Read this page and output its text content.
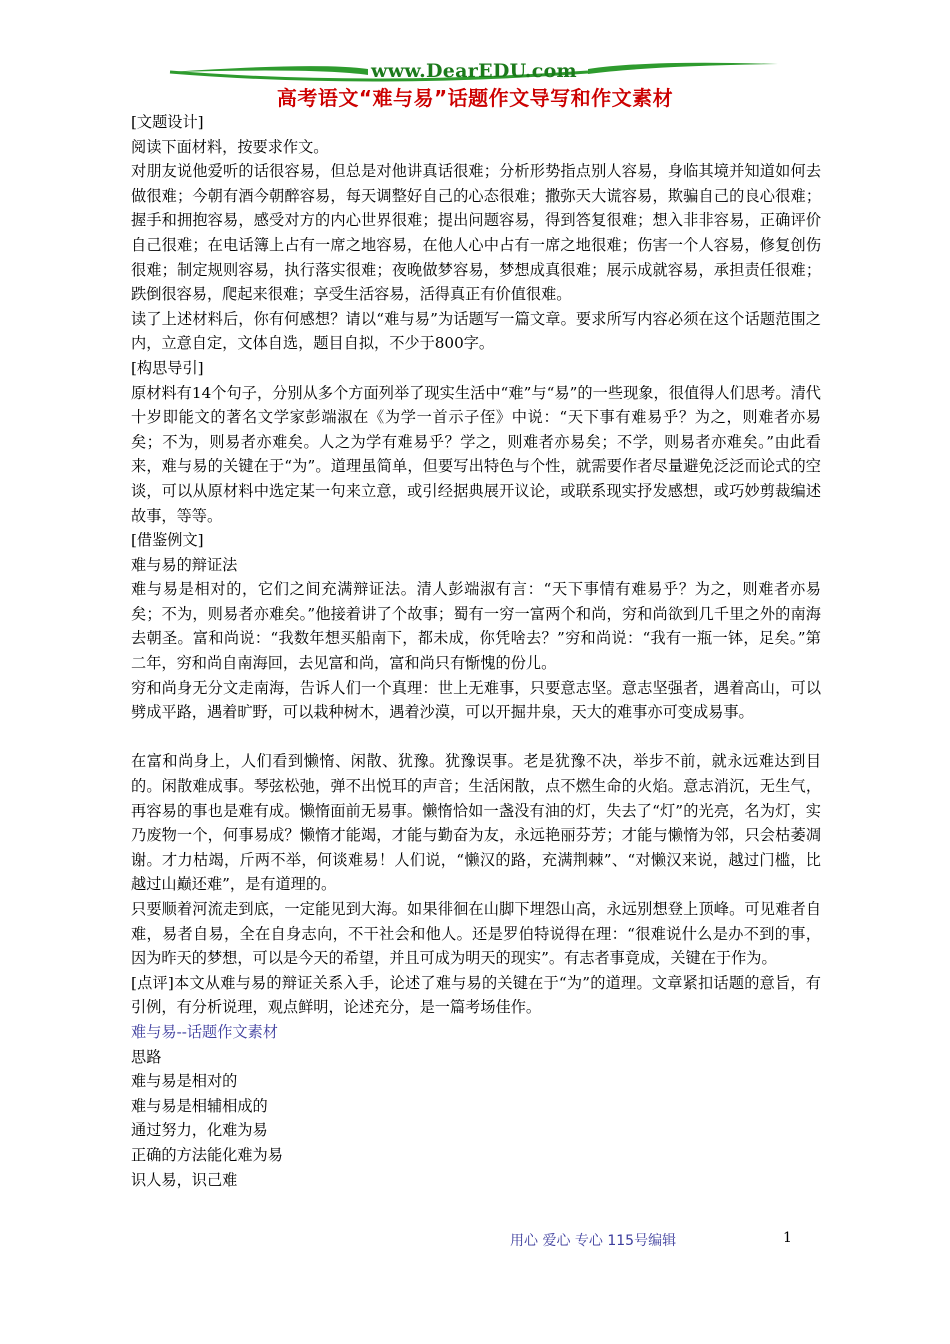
www.DearEDU.com
高考语文“难与易”话题作文导写和作文素材

[文题设计]

阅读下面材料，按要求作文。

对朋友说他爱听的话很容易，但总是对他讲真话很难；分析形势指点别人容易，身临其境并知道如何去做很难；今朝有酒今朝醉容易，每天调整好自己的心态很难；撒弥天大谎容易，欺骗自己的良心很难；握手和拥抱容易，感受对方的内心世界很难；提出问题容易，得到答复很难；想入非非容易，正确评价自己很难；在电话簿上占有一席之地容易，在他人心中占有一席之地很难；伤害一个人容易，修复创伤很难；制定规则容易，执行落实很难；夜晚做梦容易，梦想成真很难；展示成就容易，承担责任很难；跌倒很容易，爬起来很难；享受生活容易，活得真正有价值很难。

读了上述材料后，你有何感想？请以“难与易”为话题写一篇文章。要求所写内容必须在这个话题范围之内，立意自定，文体自选，题目自拟，不少于800字。

[构思导引]

原材料有14个句子，分别从多个方面列举了现实生活中“难”与“易”的一些现象，很值得人们思考。清代十岁即能文的著名文学家彭端淑在《为学一首示子侄》中说：“天下事有难易乎？为之，则难者亦易矣；不为，则易者亦难矣。人之为学有难易乎？学之，则难者亦易矣；不学，则易者亦难矣。”由此看来，难与易的关键在于“为”。道理虽简单，但要写出特色与个性，就需要作者尽量避免泛泛而论式的空谈，可以从原材料中选定某一句来立意，或引经据典展开议论，或联系现实抒发感想，或巧妙剪裁编述故事，等等。

[借鉴例文]

难与易的辩证法

难与易是相对的，它们之间充满辩证法。清人彭端淑有言：“天下事情有难易乎？为之，则难者亦易矣；不为，则易者亦难矣。”他接着讲了个故事；蜀有一穷一富两个和尚，穷和尚欲到几千里之外的南海去朝圣。富和尚说：“我数年想买船南下，都未成，你凭啥去？”穷和尚说：“我有一瓶一钵，足矣。”第二年，穷和尚自南海回，去见富和尚，富和尚只有惭愧的份儿。

穷和尚身无分文走南海，告诉人们一个真理：世上无难事，只要意志坚。意志坚强者，遇着高山，可以劈成平路，遇着旷野，可以栽种树木，遇着沙漠，可以开掘井泉，天大的难事亦可变成易事。

在富和尚身上，人们看到懒惰、闲散、犹豫。犹豫误事。老是犹豫不决，举步不前，就永远难达到目的。闲散难成事。琴弦松弛，弹不出悦耳的声音；生活闲散，点不燃生命的火焰。意志消沉，无生气，再容易的事也是难有成。懒惰面前无易事。懒惰恰如一盏没有油的灯，失去了“灯”的光亮，名为灯，实乃废物一个，何事易成？懒惰才能竭，才能与勤奋为友，永远艳丽芬芳；才能与懒惰为邻，只会枯萎凋谢。才力枯竭，斤两不举，何谈难易！人们说，“懒汉的路，充满荆棘”、“对懒汉来说，越过门槛，比越过山巅还难”，是有道理的。

只要顺着河流走到底，一定能见到大海。如果徘徊在山脚下埋怨山高，永远别想登上顶峰。可见难者自难，易者自易，全在自身志向，不干社会和他人。还是罗伯特说得在理：“很难说什么是办不到的事，因为昨天的梦想，可以是今天的希望，并且可成为明天的现实”。有志者事竟成，关键在于作为。

[点评]本文从难与易的辩证关系入手，论述了难与易的关键在于“为”的道理。文章紧扣话题的意旨，有引例，有分析说理，观点鲜明，论述充分，是一篇考场佳作。

难与易--话题作文素材

思路

难与易是相对的

难与易是相辅相成的

通过努力，化难为易

正确的方法能化难为易

识人易，识己难

用心 爱心 专心 115号编辑	1
